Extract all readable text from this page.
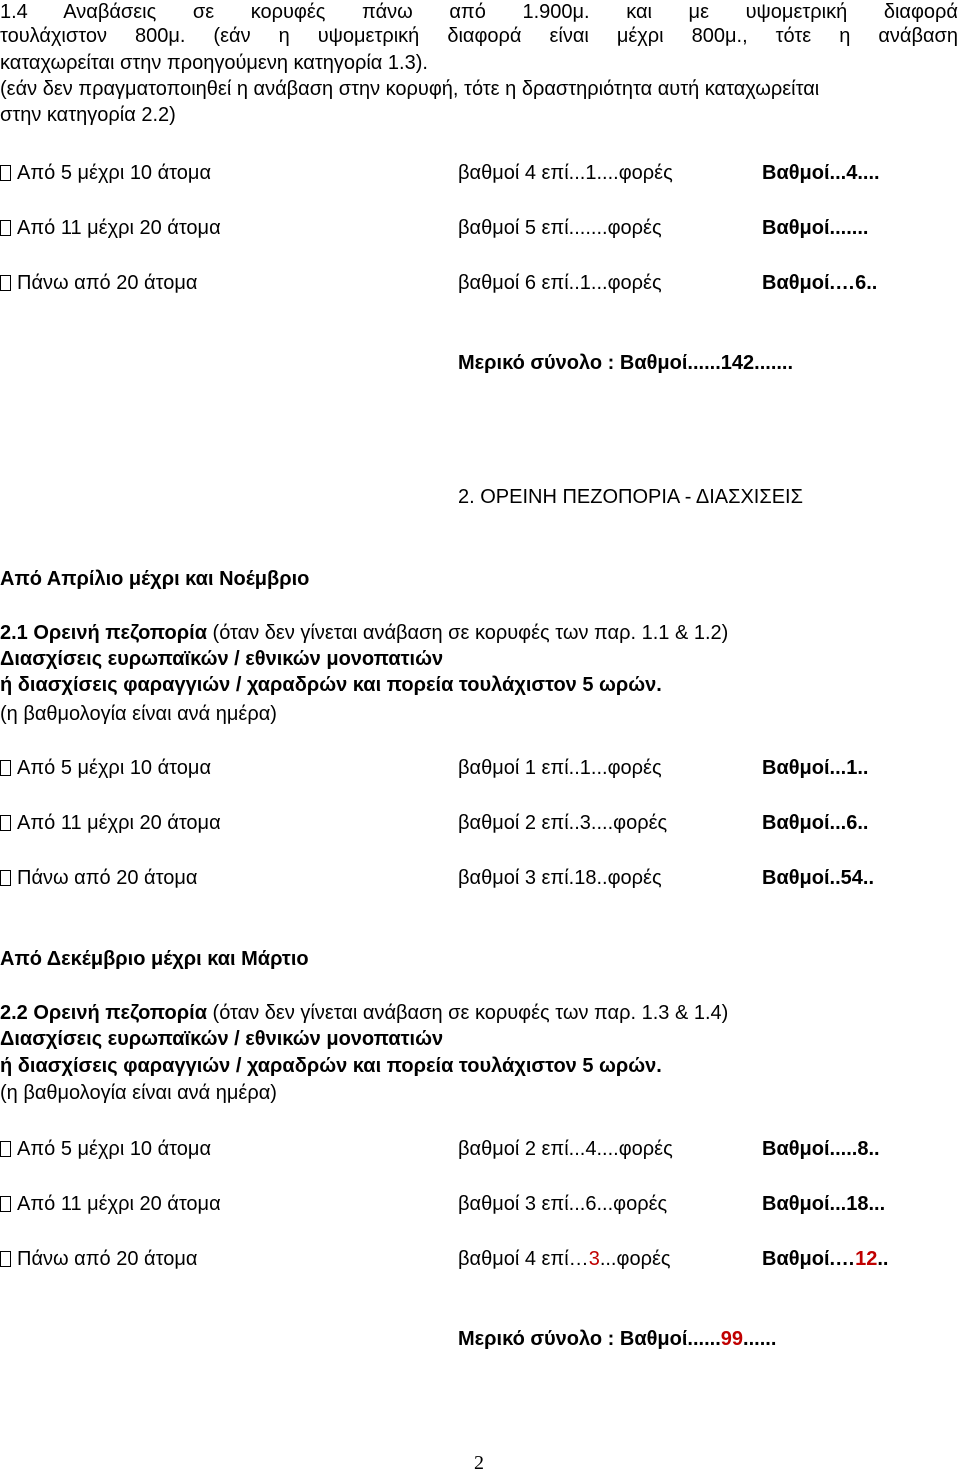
1.4 Αναβάσεις σε κορυφές πάνω από 1.900μ. και με υψομετρική διαφορά
τουλάχιστον 800μ. (εάν η υψομετρική διαφορά είναι μέχρι 800μ., τότε η ανάβαση
καταχωρείται στην προηγούμενη κατηγορία 1.3).
(εάν δεν πραγματοποιηθεί η ανάβαση στην κορυφή, τότε η δραστηριότητα αυτή καταχωρείται
στην κατηγορία 2.2)
Από 5 μέχρι 10 άτομα	βαθμοί 4 επί...1....φορές	Βαθμοί...4....
Από 11 μέχρι 20 άτομα	βαθμοί 5 επί.......φορές	Βαθμοί.......
Πάνω από 20 άτομα	βαθμοί 6 επί..1...φορές	Βαθμοί.…6..
Μερικό σύνολο : Βαθμοί......142.......
2. ΟΡΕΙΝΗ ΠΕΖΟΠΟΡΙΑ - ΔΙΑΣΧΙΣΕΙΣ
Από Απρίλιο μέχρι και Νοέμβριο
2.1 Ορεινή πεζοπορία (όταν δεν γίνεται ανάβαση σε κορυφές των παρ. 1.1 & 1.2)
Διασχίσεις ευρωπαϊκών / εθνικών μονοπατιών
ή διασχίσεις φαραγγιών / χαραδρών και πορεία τουλάχιστον 5 ωρών.
(η βαθμολογία είναι ανά ημέρα)
Από 5 μέχρι 10 άτομα	βαθμοί 1 επί..1...φορές	Βαθμοί...1..
Από 11 μέχρι 20 άτομα	βαθμοί 2 επί..3....φορές	Βαθμοί...6..
Πάνω από 20 άτομα	βαθμοί 3 επί.18..φορές	Βαθμοί..54..
Από Δεκέμβριο μέχρι και Μάρτιο
2.2 Ορεινή πεζοπορία (όταν δεν γίνεται ανάβαση σε κορυφές των παρ. 1.3 & 1.4)
Διασχίσεις ευρωπαϊκών / εθνικών μονοπατιών
ή διασχίσεις φαραγγιών / χαραδρών και πορεία τουλάχιστον 5 ωρών.
(η βαθμολογία είναι ανά ημέρα)
Από 5 μέχρι 10 άτομα	βαθμοί 2 επί...4....φορές	Βαθμοί.....8..
Από 11 μέχρι 20 άτομα	βαθμοί 3 επί...6...φορές	Βαθμοί...18...
Πάνω από 20 άτομα	βαθμοί 4 επί…3...φορές	Βαθμοί.…12..
Μερικό σύνολο : Βαθμοί......99......
2
